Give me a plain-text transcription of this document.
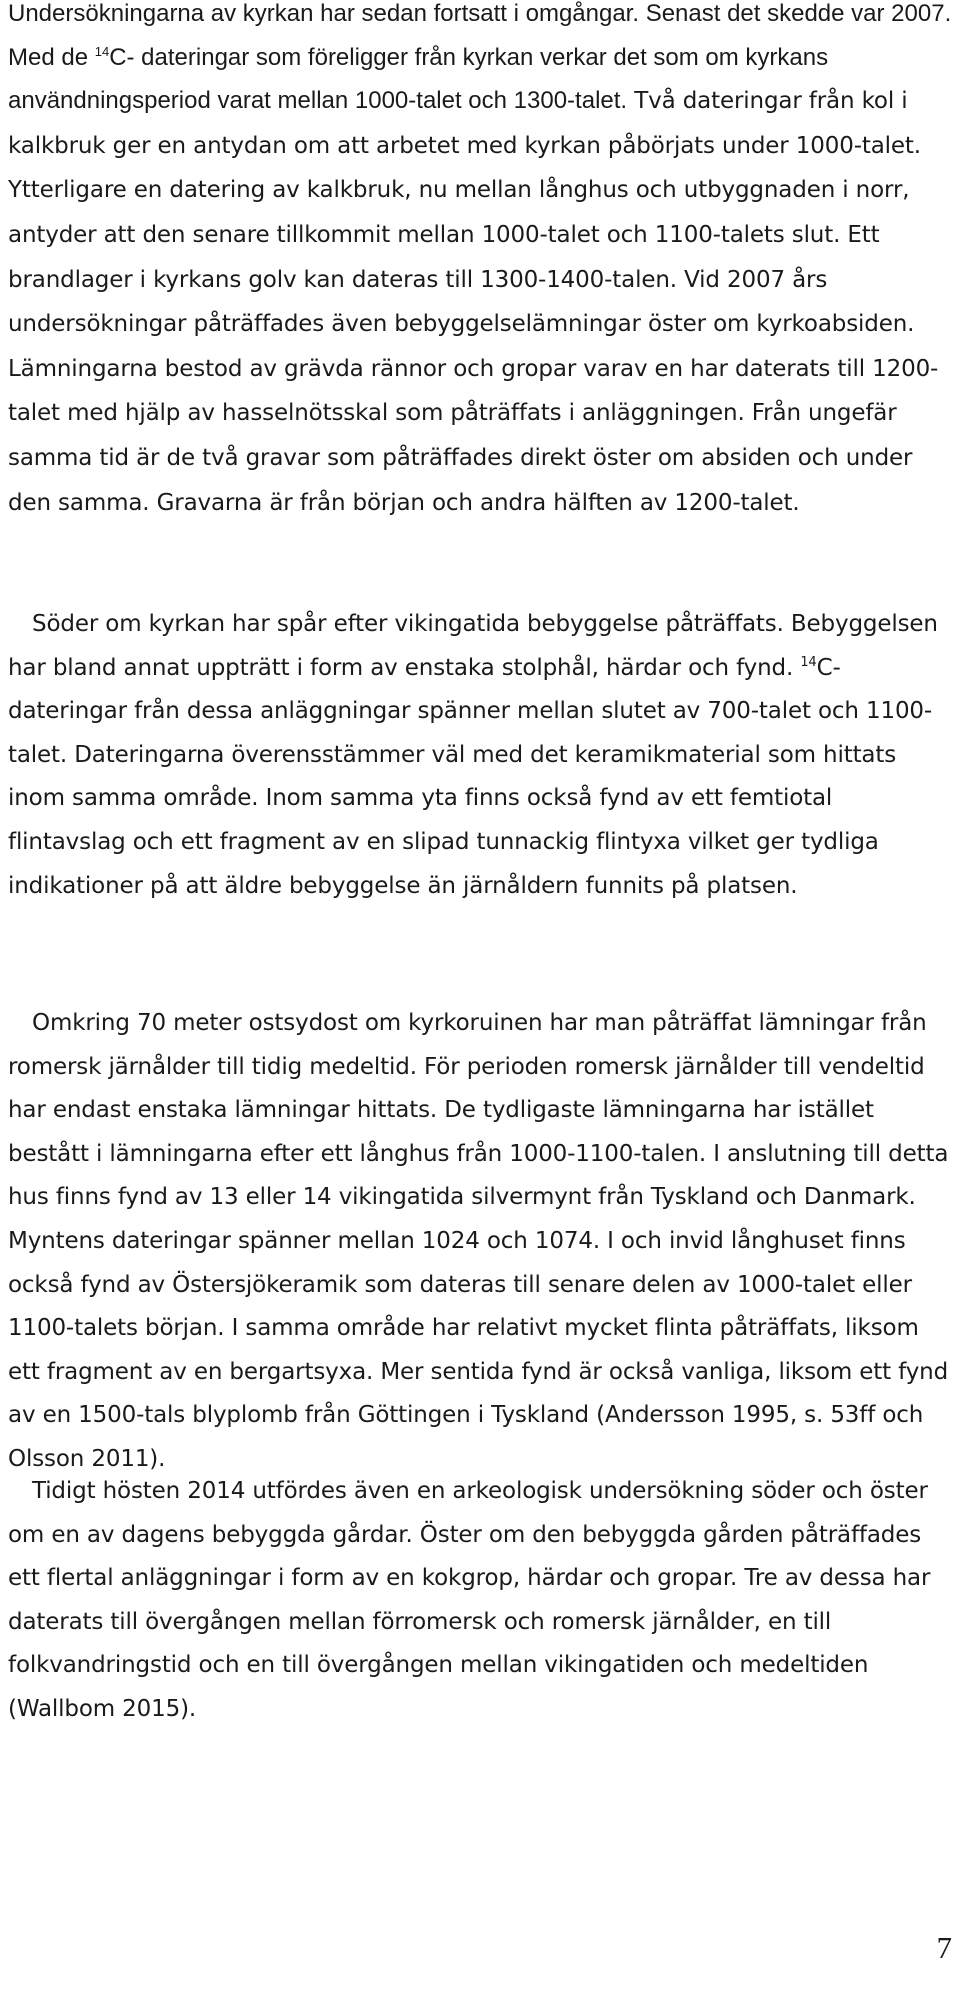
Undersökningarna av kyrkan har sedan fortsatt i omgångar. Senast det skedde var 2007. Med de $^{14}$C- dateringar som föreligger från kyrkan verkar det som om kyrkans användningsperiod varat mellan 1000-talet och 1300-talet. Två dateringar från kol i kalkbruk ger en antydan om att arbetet med kyrkan påbörjats under 1000-talet. Ytterligare en datering av kalkbruk, nu mellan långhus och utbyggnaden i norr, antyder att den senare tillkommit mellan 1000-talet och 1100-talets slut. Ett brandlager i kyrkans golv kan dateras till 1300-1400-talen. Vid 2007 års undersökningar påträffades även bebyggelselämningar öster om kyrkoabsiden. Lämningarna bestod av grävda rännor och gropar varav en har daterats till 1200-talet med hjälp av hasselnötsskal som påträffats i anläggningen. Från ungefär samma tid är de två gravar som påträffades direkt öster om absiden och under den samma. Gravarna är från början och andra hälften av 1200-talet.

Söder om kyrkan har spår efter vikingatida bebyggelse påträffats. Bebyggelsen har bland annat uppträtt i form av enstaka stolphål, härdar och fynd. $^{14}$C-dateringar från dessa anläggningar spänner mellan slutet av 700-talet och 1100-talet. Dateringarna överensstämmer väl med det keramikmaterial som hittats inom samma område. Inom samma yta finns också fynd av ett femtiotal flintavslag och ett fragment av en slipad tunnackig flintyxa vilket ger tydliga indikationer på att äldre bebyggelse än järnåldern funnits på platsen.

Omkring 70 meter ostsydost om kyrkoruinen har man påträffat lämningar från romersk järnålder till tidig medeltid. För perioden romersk järnålder till vendeltid har endast enstaka lämningar hittats. De tydligaste lämningarna har istället bestått i lämningarna efter ett långhus från 1000-1100-talen. I anslutning till detta hus finns fynd av 13 eller 14 vikingatida silvermynt från Tyskland och Danmark. Myntens dateringar spänner mellan 1024 och 1074. I och invid långhuset finns också fynd av Östersjökeramik som dateras till senare delen av 1000-talet eller 1100-talets början. I samma område har relativt mycket flinta påträffats, liksom ett fragment av en bergartsyxa. Mer sentida fynd är också vanliga, liksom ett fynd av en 1500-tals blyplomb från Göttingen i Tyskland (Andersson 1995, s. 53ff och Olsson 2011).

Tidigt hösten 2014 utfördes även en arkeologisk undersökning söder och öster om en av dagens bebyggda gårdar. Öster om den bebyggda gården påträffades ett flertal anläggningar i form av en kokgrop, härdar och gropar. Tre av dessa har daterats till övergången mellan förromersk och romersk järnålder, en till folkvandringstid och en till övergången mellan vikingatiden och medeltiden (Wallbom 2015).

7
